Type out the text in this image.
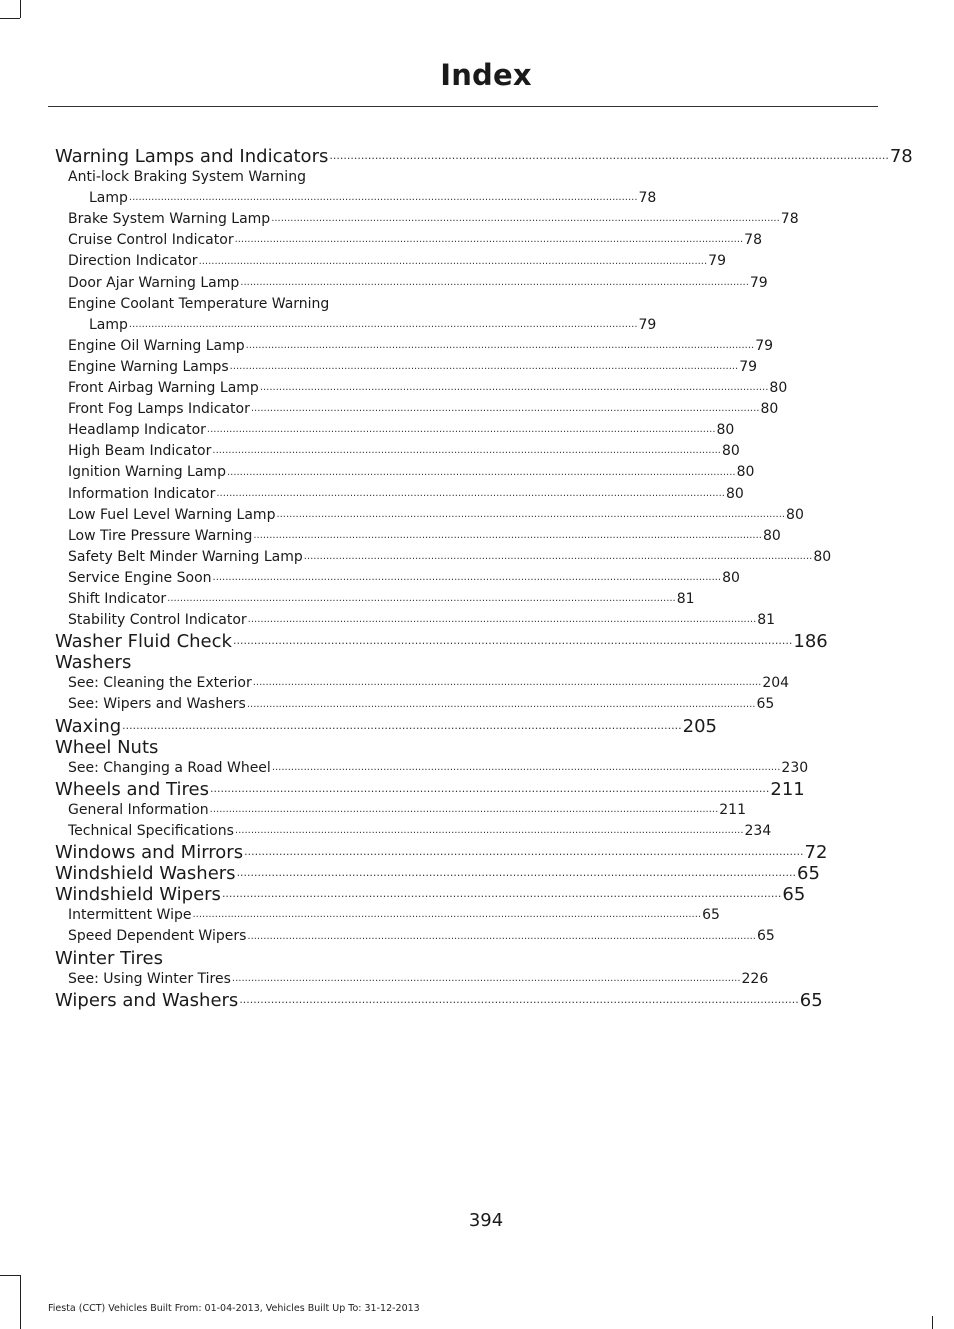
Index
Warning Lamps and Indicators ................................................................................................................................................................ 78
Anti-lock Braking System Warning
Lamp ................................................................................................................................................................ 78
Brake System Warning Lamp ................................................................................................................................................................ 78
Cruise Control Indicator ................................................................................................................................................................ 78
Direction Indicator ................................................................................................................................................................ 79
Door Ajar Warning Lamp ................................................................................................................................................................ 79
Engine Coolant Temperature Warning
Lamp ................................................................................................................................................................ 79
Engine Oil Warning Lamp ................................................................................................................................................................ 79
Engine Warning Lamps ................................................................................................................................................................ 79
Front Airbag Warning Lamp ................................................................................................................................................................ 80
Front Fog Lamps Indicator ................................................................................................................................................................ 80
Headlamp Indicator ................................................................................................................................................................ 80
High Beam Indicator ................................................................................................................................................................ 80
Ignition Warning Lamp ................................................................................................................................................................ 80
Information Indicator ................................................................................................................................................................ 80
Low Fuel Level Warning Lamp ................................................................................................................................................................ 80
Low Tire Pressure Warning ................................................................................................................................................................ 80
Safety Belt Minder Warning Lamp ................................................................................................................................................................ 80
Service Engine Soon ................................................................................................................................................................ 80
Shift Indicator ................................................................................................................................................................ 81
Stability Control Indicator ................................................................................................................................................................ 81
Washer Fluid Check ................................................................................................................................................................ 186
Washers
See: Cleaning the Exterior ................................................................................................................................................................ 204
See: Wipers and Washers ................................................................................................................................................................ 65
Waxing ................................................................................................................................................................ 205
Wheel Nuts
See: Changing a Road Wheel ................................................................................................................................................................ 230
Wheels and Tires ................................................................................................................................................................ 211
General Information ................................................................................................................................................................ 211
Technical Specifications ................................................................................................................................................................ 234
Windows and Mirrors ................................................................................................................................................................ 72
Windshield Washers ................................................................................................................................................................ 65
Windshield Wipers ................................................................................................................................................................ 65
Intermittent Wipe ................................................................................................................................................................ 65
Speed Dependent Wipers ................................................................................................................................................................ 65
Winter Tires
See: Using Winter Tires ................................................................................................................................................................ 226
Wipers and Washers ................................................................................................................................................................ 65
394
Fiesta (CCT) Vehicles Built From: 01-04-2013, Vehicles Built Up To: 31-12-2013
